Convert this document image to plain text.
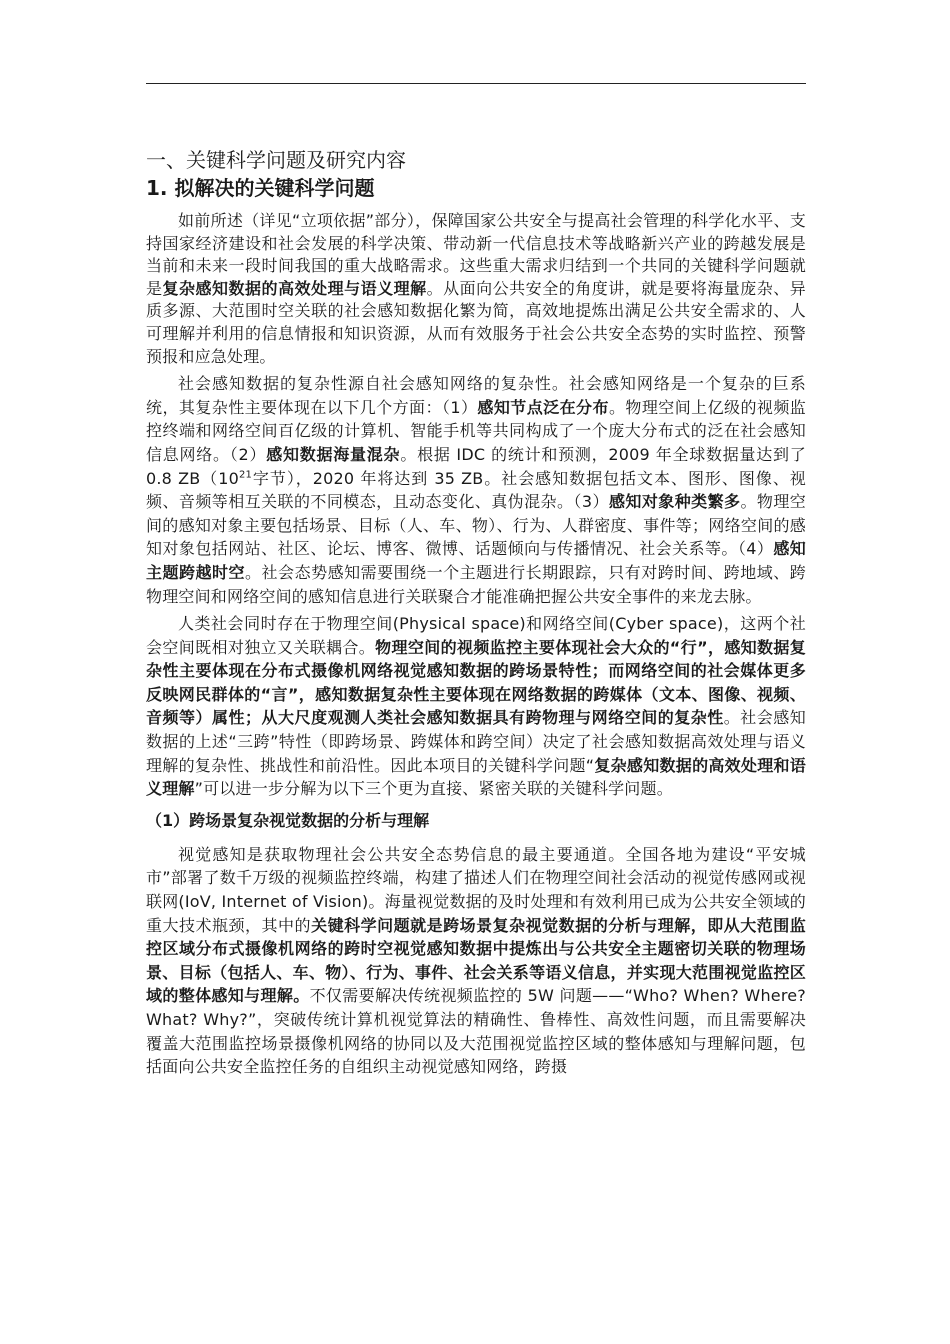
一、关键科学问题及研究内容
1. 拟解决的关键科学问题

如前所述（详见“立项依据”部分），保障国家公共安全与提高社会管理的科学化水平、支持国家经济建设和社会发展的科学决策、带动新一代信息技术等战略新兴产业的跨越发展是当前和未来一段时间我国的重大战略需求。这些重大需求归结到一个共同的关键科学问题就是复杂感知数据的高效处理与语义理解。从面向公共安全的角度讲，就是要将海量庞杂、异质多源、大范围时空关联的社会感知数据化繁为简，高效地提炼出满足公共安全需求的、人可理解并利用的信息情报和知识资源，从而有效服务于社会公共安全态势的实时监控、预警预报和应急处理。

社会感知数据的复杂性源自社会感知网络的复杂性。社会感知网络是一个复杂的巨系统，其复杂性主要体现在以下几个方面：（1）感知节点泛在分布。物理空间上亿级的视频监控终端和网络空间百亿级的计算机、智能手机等共同构成了一个庞大分布式的泛在社会感知信息网络。（2）感知数据海量混杂。根据 IDC 的统计和预测，2009 年全球数据量达到了 0.8 $ZB(10^{21}$字节），2020 年将达到 35 ZB。社会感知数据包括文本、图形、图像、视频、音频等相互关联的不同模态，且动态变化、真伪混杂。（3）感知对象种类繁多。物理空间的感知对象主要包括场景、目标（人、车、物）、行为、人群密度、事件等；网络空间的感知对象包括网站、社区、论坛、博客、微博、话题倾向与传播情况、社会关系等。（4）感知主题跨越时空。社会态势感知需要围绕一个主题进行长期跟踪，只有对跨时间、跨地域、跨物理空间和网络空间的感知信息进行关联聚合才能准确把握公共安全事件的来龙去脉。

人类社会同时存在于物理空间(Physical space)和网络空间(Cyber space)，这两个社会空间既相对独立又关联耦合。物理空间的视频监控主要体现社会大众的“行”，感知数据复杂性主要体现在分布式摄像机网络视觉感知数据的跨场景特性；而网络空间的社会媒体更多反映网民群体的“言”，感知数据复杂性主要体现在网络数据的跨媒体（文本、图像、视频、音频等）属性；从大尺度观测人类社会感知数据具有跨物理与网络空间的复杂性。社会感知数据的上述“三跨”特性（即跨场景、跨媒体和跨空间）决定了社会感知数据高效处理与语义理解的复杂性、挑战性和前沿性。因此本项目的关键科学问题“复杂感知数据的高效处理和语义理解”可以进一步分解为以下三个更为直接、紧密关联的关键科学问题。

（1）跨场景复杂视觉数据的分析与理解

视觉感知是获取物理社会公共安全态势信息的最主要通道。全国各地为建设“平安城市”部署了数千万级的视频监控终端，构建了描述人们在物理空间社会活动的视觉传感网或视联网(IoV, Internet of Vision)。海量视觉数据的及时处理和有效利用已成为公共安全领域的重大技术瓶颈，其中的关键科学问题就是跨场景复杂视觉数据的分析与理解，即从大范围监控区域分布式摄像机网络的跨时空视觉感知数据中提炼出与公共安全主题密切关联的物理场景、目标（包括人、车、物）、行为、事件、社会关系等语义信息，并实现大范围视觉监控区域的整体感知与理解。不仅需要解决传统视频监控的 5W 问题——“Who? When? Where? What? Why?”，突破传统计算机视觉算法的精确性、鲁棒性、高效性问题，而且需要解决覆盖大范围监控场景摄像机网络的协同以及大范围视觉监控区域的整体感知与理解问题，包括面向公共安全监控任务的自组织主动视觉感知网络，跨摄
